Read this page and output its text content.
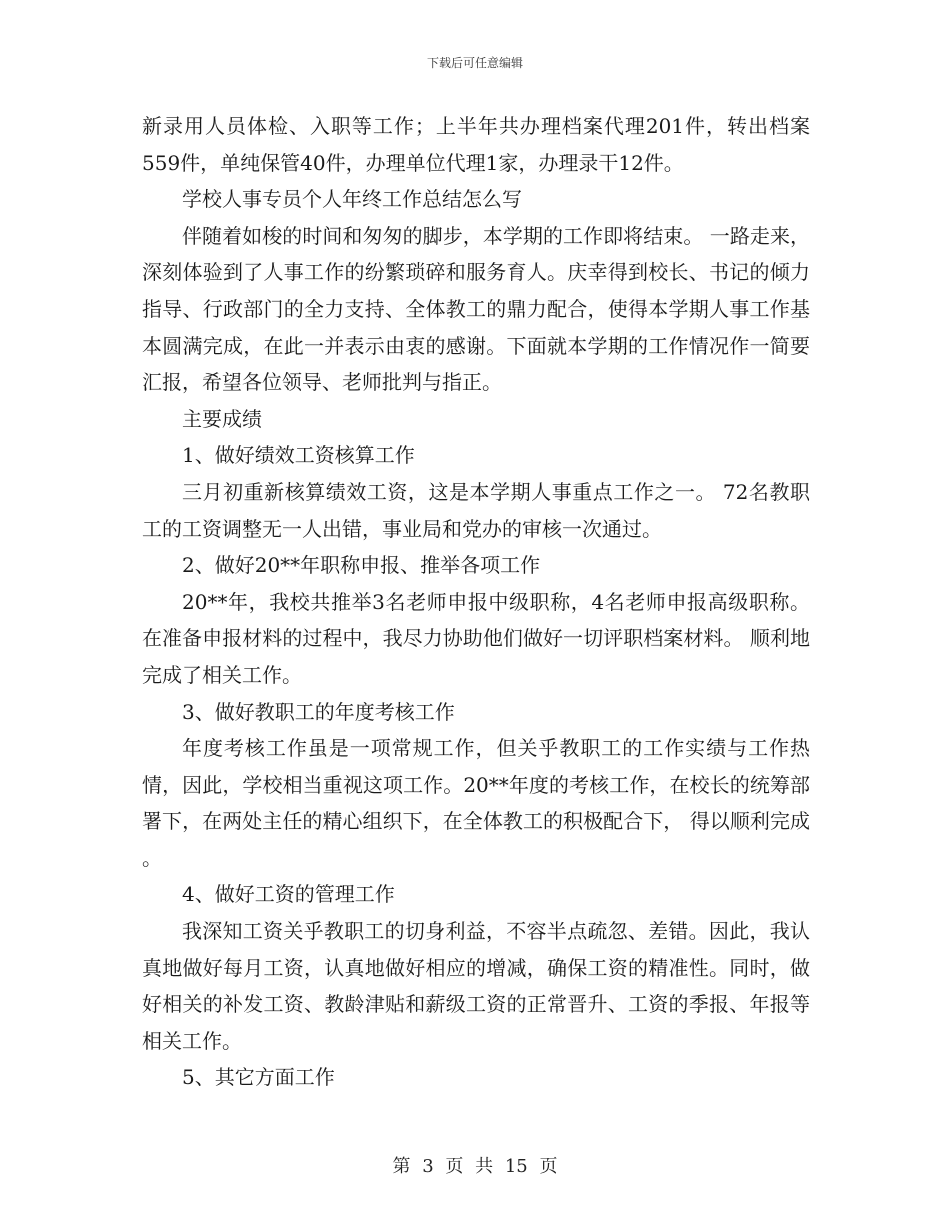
下载后可任意编辑

新录用人员体检、入职等工作；上半年共办理档案代理201件，转出档案559件，单纯保管40件，办理单位代理1家，办理录干12件。

学校人事专员个人年终工作总结怎么写

伴随着如梭的时间和匆匆的脚步，本学期的工作即将结束。 一路走来，深刻体验到了人事工作的纷繁琐碎和服务育人。庆幸得到校长、书记的倾力指导、行政部门的全力支持、全体教工的鼎力配合，使得本学期人事工作基本圆满完成，在此一并表示由衷的感谢。下面就本学期的工作情况作一简要汇报，希望各位领导、老师批判与指正。

主要成绩

1、做好绩效工资核算工作

三月初重新核算绩效工资，这是本学期人事重点工作之一。 72名教职工的工资调整无一人出错，事业局和党办的审核一次通过。

2、做好20**年职称申报、推举各项工作

20**年，我校共推举3名老师申报中级职称，4名老师申报高级职称。在准备申报材料的过程中，我尽力协助他们做好一切评职档案材料。 顺利地完成了相关工作。

3、做好教职工的年度考核工作

年度考核工作虽是一项常规工作，但关乎教职工的工作实绩与工作热情，因此，学校相当重视这项工作。20**年度的考核工作，在校长的统筹部署下，在两处主任的精心组织下，在全体教工的积极配合下， 得以顺利完成 。

4、做好工资的管理工作

我深知工资关乎教职工的切身利益，不容半点疏忽、差错。因此，我认真地做好每月工资，认真地做好相应的增减，确保工资的精准性。同时，做好相关的补发工资、教龄津贴和薪级工资的正常晋升、工资的季报、年报等相关工作。

5、其它方面工作

第 3 页 共 15 页
